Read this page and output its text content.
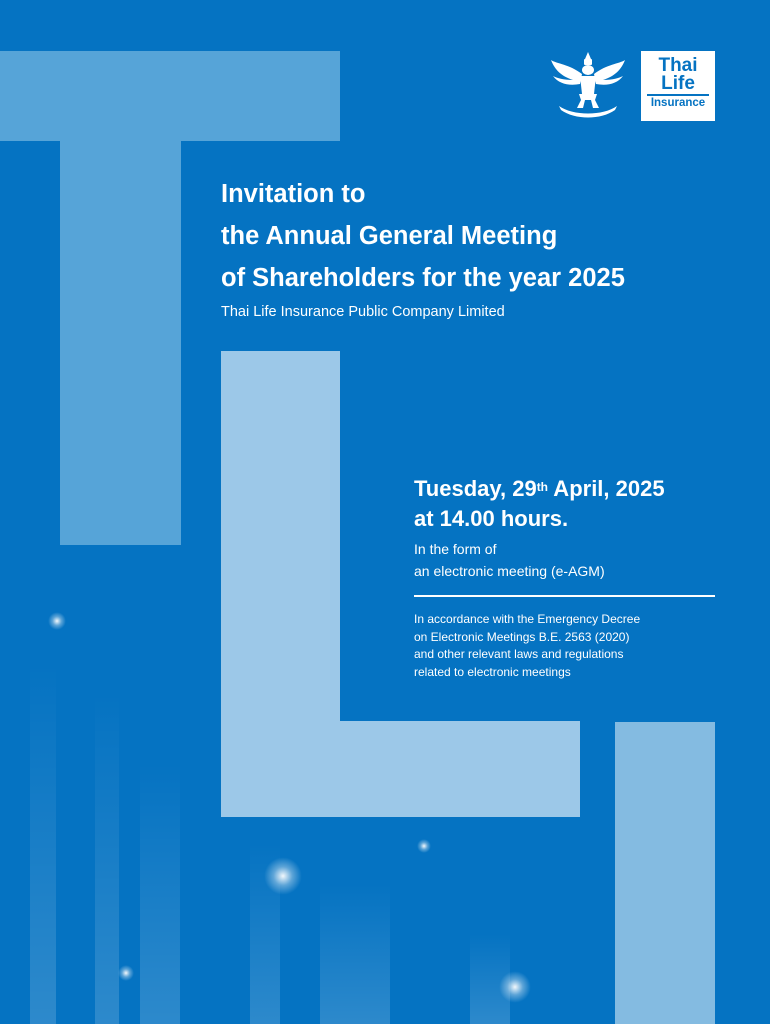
Thai
Life
Insurance
Invitation to
the Annual General Meeting
of Shareholders for the year 2025
Thai Life Insurance Public Company Limited
Tuesday, 29th April, 2025
at 14.00 hours.
In the form of
an electronic meeting (e-AGM)
In accordance with the Emergency Decree
on Electronic Meetings B.E. 2563 (2020)
and other relevant laws and regulations
related to electronic meetings
